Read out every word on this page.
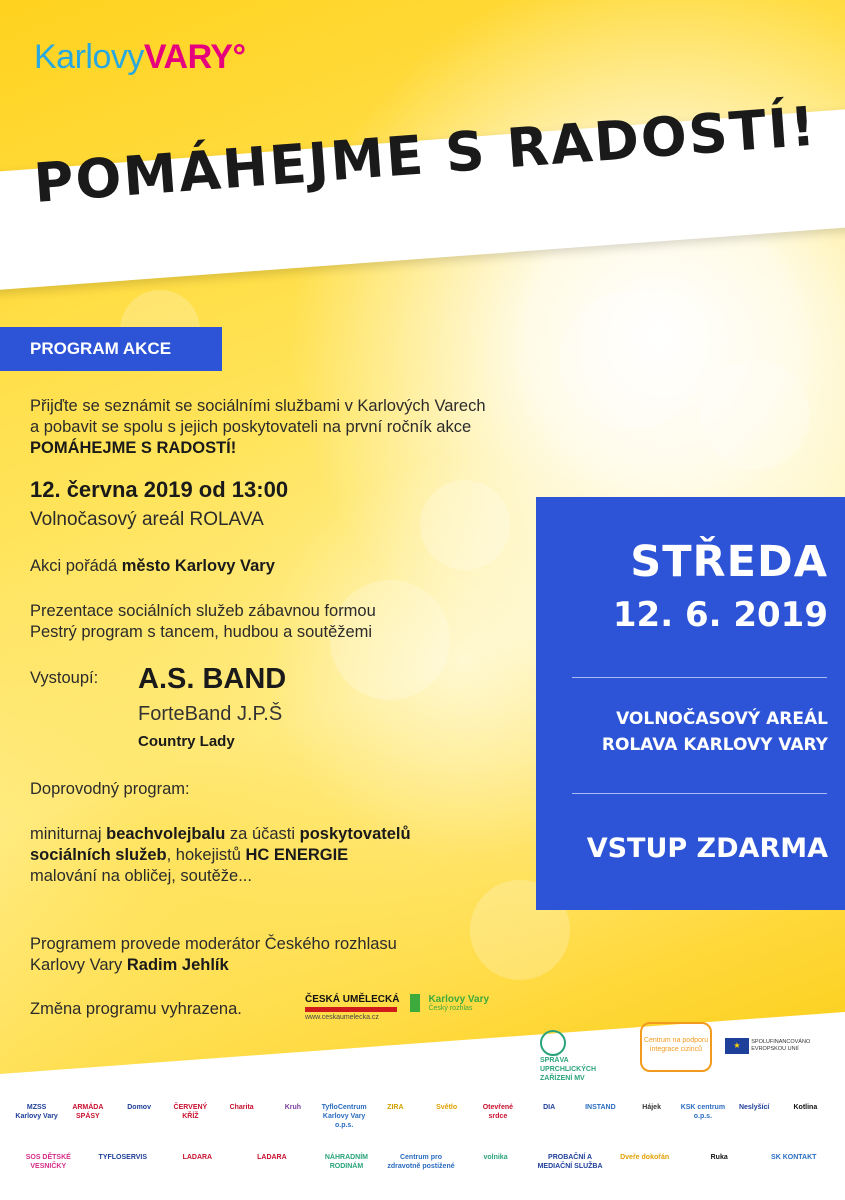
KarlovyVARY°
POMÁHEJME S RADOSTÍ!
PROGRAM AKCE
Přijďte se seznámit se sociálními službami v Karlových Varech
a pobavit se spolu s jejich poskytovateli na první ročník akce
POMÁHEJME S RADOSTÍ!
12. června 2019 od 13:00
Volnočasový areál ROLAVA
Akci pořádá město Karlovy Vary
Prezentace sociálních služeb zábavnou formou
Pestrý program s tancem, hudbou a soutěžemi
Vystoupí: A.S. BAND
ForteBand J.P.Š
Country Lady
Doprovodný program:
miniturnaj beachvolejbalu za účasti poskytovatelů
sociálních služeb, hokejistů HC ENERGIE
malování na obličej, soutěže...
Programem provede moderátor Českého rozhlasu
Karlovy Vary Radim Jehlík
Změna programu vyhrazena.
ČESKÁ UMĚLECKÁ
www.ceskaumelecka.cz

Karlovy Vary
Český rozhlas
STŘEDA
12. 6. 2019
VOLNOČASOVÝ AREÁL
ROLAVA KARLOVY VARY
VSTUP ZDARMA
SPRÁVA UPRCHLICKÝCH ZAŘÍZENÍ MV
Centrum na podporu integrace cizinců	★ SPOLUFINANCOVÁNO EVROPSKOU UNIÍ
MZSS Karlovy Vary
ARMÁDA SPÁSY
Domov	ČERVENÝ KŘÍŽ
Charita	Kruh	TyfloCentrum Karlovy Vary o.p.s.
ZIRA	Světlo	Otevřené srdce
DIA	INSTAND	Hájek	KSK centrum o.p.s.
Neslyšící	Kotlina
SOS DĚTSKÉ VESNIČKY
TYFLOSERVIS	LADARA	LADARA	NÁHRADNÍM RODINÁM
Centrum pro zdravotně postižené
volnika	PROBAČNÍ A MEDIAČNÍ SLUŽBA
Dveře dokořán	Ruka	SK KONTAKT
